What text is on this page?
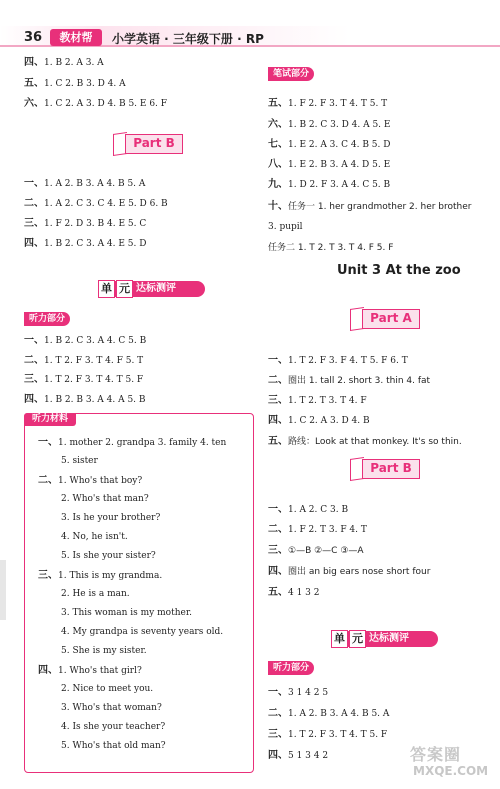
36	教材帮	小学英语 · 三年级下册 · RP
四、1. B 2. A 3. A
五、1. C 2. B 3. D 4. A
六、1. C 2. A 3. D 4. B 5. E 6. F
Part B
一、1. A 2. B 3. A 4. B 5. A
二、1. A 2. C 3. C 4. E 5. D 6. B
三、1. F 2. D 3. B 4. E 5. C
四、1. B 2. C 3. A 4. E 5. D
单 元 达标测评
听力部分
一、1. B 2. C 3. A 4. C 5. B
二、1. T 2. F 3. T 4. F 5. T
三、1. T 2. F 3. T 4. T 5. F
四、1. B 2. B 3. A 4. A 5. B
听力材料
一、1. mother 2. grandpa 3. family 4. ten
5. sister
二、1. Who's that boy?
2. Who's that man?
3. Is he your brother?
4. No, he isn't.
5. Is she your sister?
三、1. This is my grandma.
2. He is a man.
3. This woman is my mother.
4. My grandpa is seventy years old.
5. She is my sister.
四、1. Who's that girl?
2. Nice to meet you.
3. Who's that woman?
4. Is she your teacher?
5. Who's that old man?
笔试部分
五、1. F 2. F 3. T 4. T 5. T
六、1. B 2. C 3. D 4. A 5. E
七、1. E 2. A 3. C 4. B 5. D
八、1. E 2. B 3. A 4. D 5. E
九、1. D 2. F 3. A 4. C 5. B
十、任务一 1. her grandmother 2. her brother
3. pupil
任务二 1. T 2. T 3. T 4. F 5. F
Unit 3 At the zoo
Part A
一、1. T 2. F 3. F 4. T 5. F 6. T
二、圈出 1. tall 2. short 3. thin 4. fat
三、1. T 2. T 3. T 4. F
四、1. C 2. A 3. D 4. B
五、路线：Look at that monkey. It's so thin.
Part B
一、1. A 2. C 3. B
二、1. F 2. T 3. F 4. T
三、①—B ②—C ③—A
四、圈出 an big ears nose short four
五、4 1 3 2
单 元 达标测评
听力部分
一、3 1 4 2 5
二、1. A 2. B 3. A 4. B 5. A
三、1. T 2. F 3. T 4. T 5. F
四、5 1 3 4 2	答案圈
MXQE.COM
